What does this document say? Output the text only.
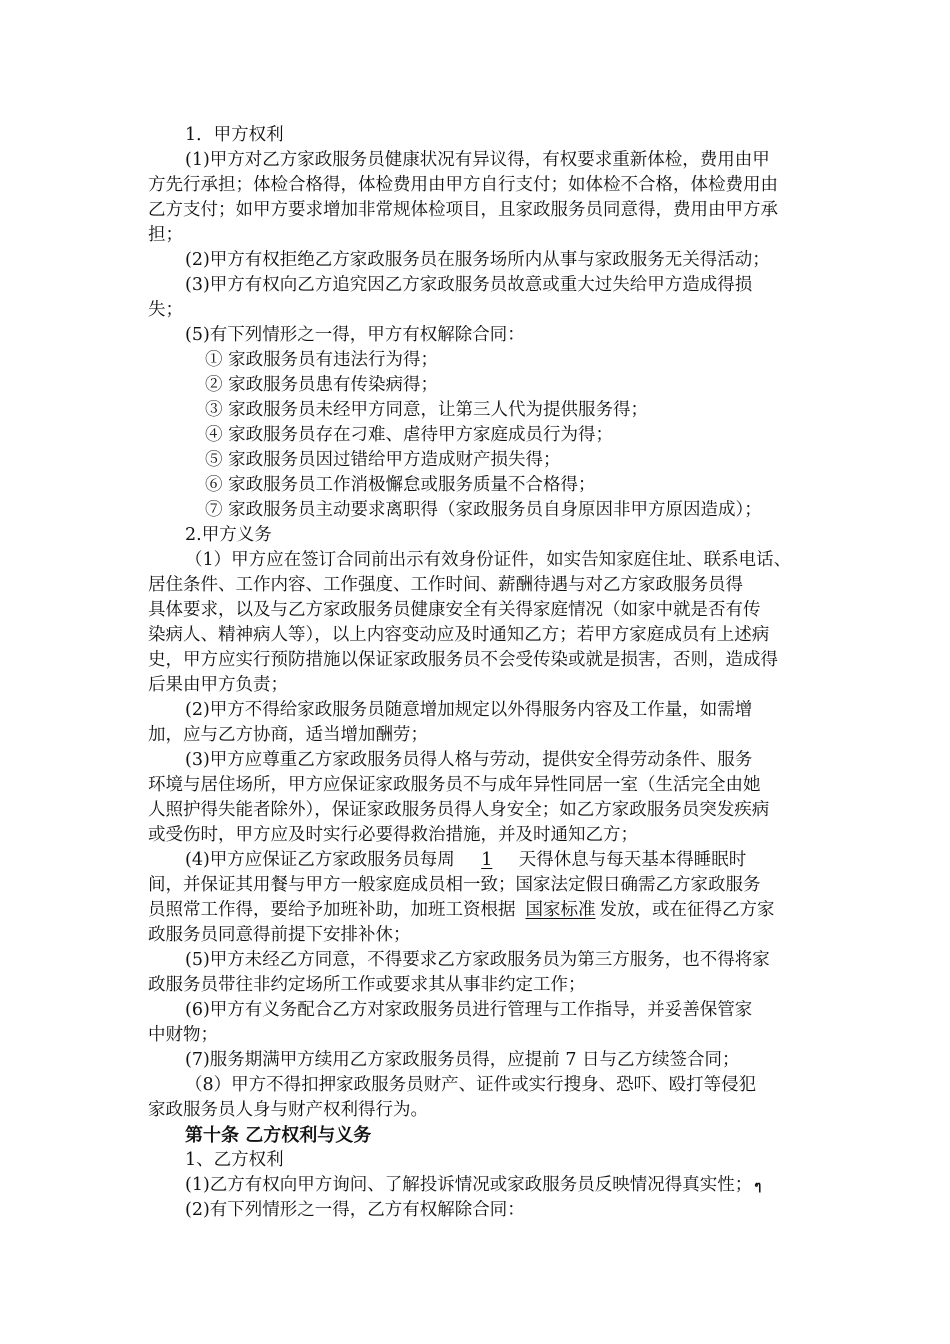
1．甲方权利
(1)甲方对乙方家政服务员健康状况有异议得，有权要求重新体检，费用由甲
方先行承担；体检合格得，体检费用由甲方自行支付；如体检不合格，体检费用由
乙方支付；如甲方要求增加非常规体检项目，且家政服务员同意得，费用由甲方承
担；
(2)甲方有权拒绝乙方家政服务员在服务场所内从事与家政服务无关得活动；
(3)甲方有权向乙方追究因乙方家政服务员故意或重大过失给甲方造成得损
失；
(5)有下列情形之一得，甲方有权解除合同：
① 家政服务员有违法行为得；
② 家政服务员患有传染病得；
③ 家政服务员未经甲方同意，让第三人代为提供服务得；
④ 家政服务员存在刁难、虐待甲方家庭成员行为得；
⑤ 家政服务员因过错给甲方造成财产损失得；
⑥ 家政服务员工作消极懈怠或服务质量不合格得；
⑦ 家政服务员主动要求离职得（家政服务员自身原因非甲方原因造成）；
2.甲方义务
（1）甲方应在签订合同前出示有效身份证件，如实告知家庭住址、联系电话、
居住条件、工作内容、工作强度、工作时间、薪酬待遇与对乙方家政服务员得
具体要求，以及与乙方家政服务员健康安全有关得家庭情况（如家中就是否有传
染病人、精神病人等），以上内容变动应及时通知乙方；若甲方家庭成员有上述病
史，甲方应实行预防措施以保证家政服务员不会受传染或就是损害，否则，造成得
后果由甲方负责；
(2)甲方不得给家政服务员随意增加规定以外得服务内容及工作量，如需增
加，应与乙方协商，适当增加酬劳；
(3)甲方应尊重乙方家政服务员得人格与劳动，提供安全得劳动条件、服务
环境与居住场所，甲方应保证家政服务员不与成年异性同居一室（生活完全由她
人照护得失能者除外），保证家政服务员得人身安全；如乙方家政服务员突发疾病
或受伤时，甲方应及时实行必要得救治措施，并及时通知乙方；
(4)甲方应保证乙方家政服务员每周 1 天得休息与每天基本得睡眠时
间，并保证其用餐与甲方一般家庭成员相一致；国家法定假日确需乙方家政服务
员照常工作得，要给予加班补助，加班工资根据 国家标准 发放，或在征得乙方家
政服务员同意得前提下安排补休；
(5)甲方未经乙方同意，不得要求乙方家政服务员为第三方服务，也不得将家
政服务员带往非约定场所工作或要求其从事非约定工作；
(6)甲方有义务配合乙方对家政服务员进行管理与工作指导，并妥善保管家
中财物；
(7)服务期满甲方续用乙方家政服务员得，应提前 7 日与乙方续签合同；
（8）甲方不得扣押家政服务员财产、证件或实行搜身、恐吓、殴打等侵犯
家政服务员人身与财产权利得行为。
第十条 乙方权利与义务
1、乙方权利
(1)乙方有权向甲方询问、了解投诉情况或家政服务员反映情况得真实性； ๆ
(2)有下列情形之一得，乙方有权解除合同：
